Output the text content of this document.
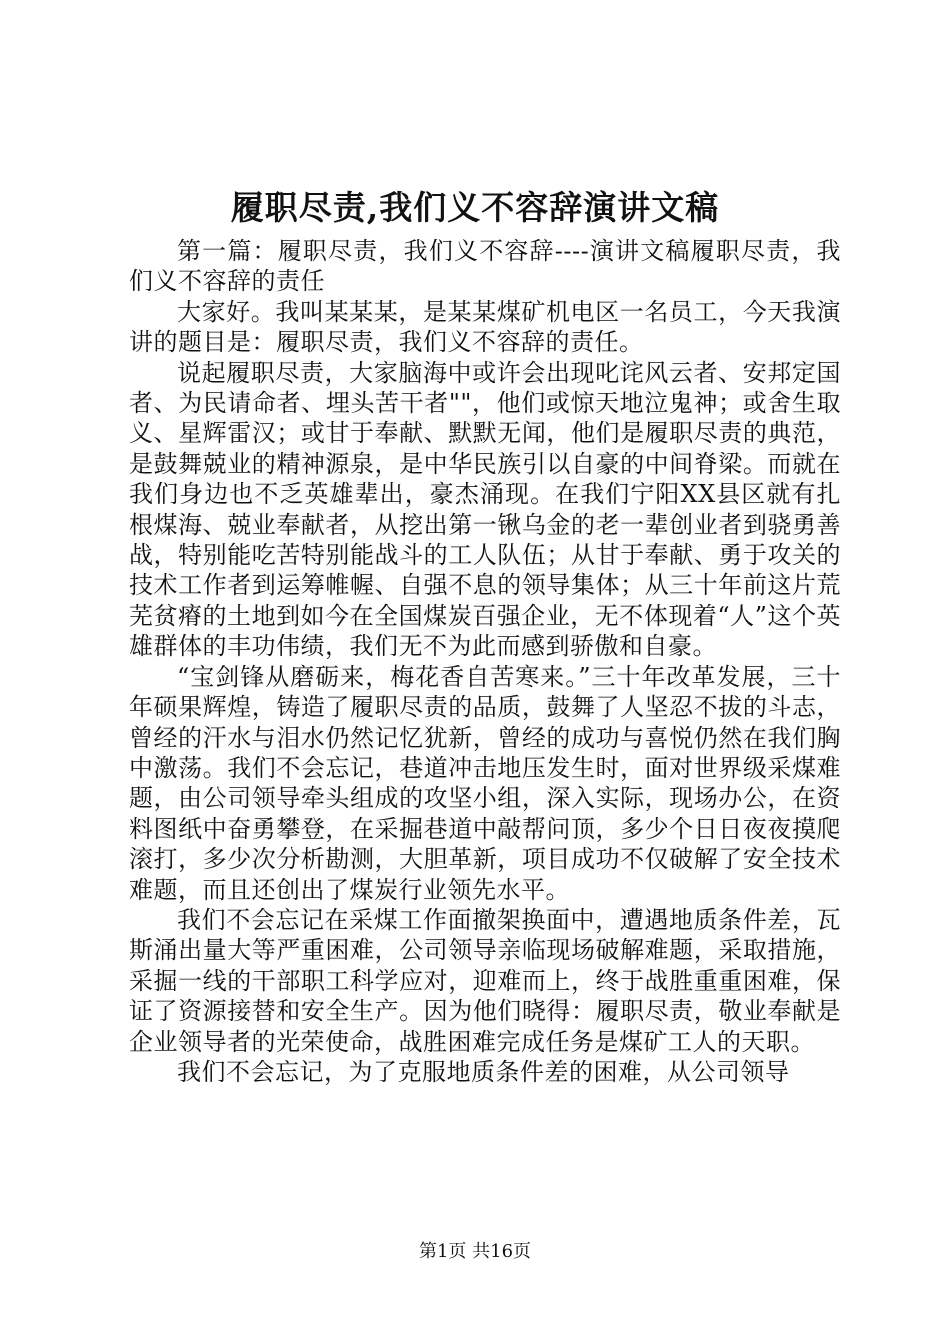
履职尽责,我们义不容辞演讲文稿

第一篇：履职尽责，我们义不容辞----演讲文稿履职尽责，我们义不容辞的责任

大家好。我叫某某某，是某某煤矿机电区一名员工，今天我演讲的题目是：履职尽责，我们义不容辞的责任。

说起履职尽责，大家脑海中或许会出现叱诧风云者、安邦定国者、为民请命者、埋头苦干者""，他们或惊天地泣鬼神；或舍生取义、星辉雷汉；或甘于奉献、默默无闻，他们是履职尽责的典范，是鼓舞兢业的精神源泉，是中华民族引以自豪的中间脊梁。而就在我们身边也不乏英雄辈出，豪杰涌现。在我们宁阳XX县区就有扎根煤海、兢业奉献者，从挖出第一锹乌金的老一辈创业者到骁勇善战，特别能吃苦特别能战斗的工人队伍；从甘于奉献、勇于攻关的技术工作者到运筹帷幄、自强不息的领导集体；从三十年前这片荒芜贫瘠的土地到如今在全国煤炭百强企业，无不体现着“人”这个英雄群体的丰功伟绩，我们无不为此而感到骄傲和自豪。

“宝剑锋从磨砺来，梅花香自苦寒来。”三十年改革发展，三十年硕果辉煌，铸造了履职尽责的品质，鼓舞了人坚忍不拔的斗志，曾经的汗水与泪水仍然记忆犹新，曾经的成功与喜悦仍然在我们胸中激荡。我们不会忘记，巷道冲击地压发生时，面对世界级采煤难题，由公司领导牵头组成的攻坚小组，深入实际，现场办公，在资料图纸中奋勇攀登，在采掘巷道中敲帮问顶，多少个日日夜夜摸爬滚打，多少次分析勘测，大胆革新，项目成功不仅破解了安全技术难题，而且还创出了煤炭行业领先水平。

我们不会忘记在采煤工作面撤架换面中，遭遇地质条件差，瓦斯涌出量大等严重困难，公司领导亲临现场破解难题，采取措施，采掘一线的干部职工科学应对，迎难而上，终于战胜重重困难，保证了资源接替和安全生产。因为他们晓得：履职尽责，敬业奉献是企业领导者的光荣使命，战胜困难完成任务是煤矿工人的天职。

我们不会忘记，为了克服地质条件差的困难，从公司领导

第1页 共16页
